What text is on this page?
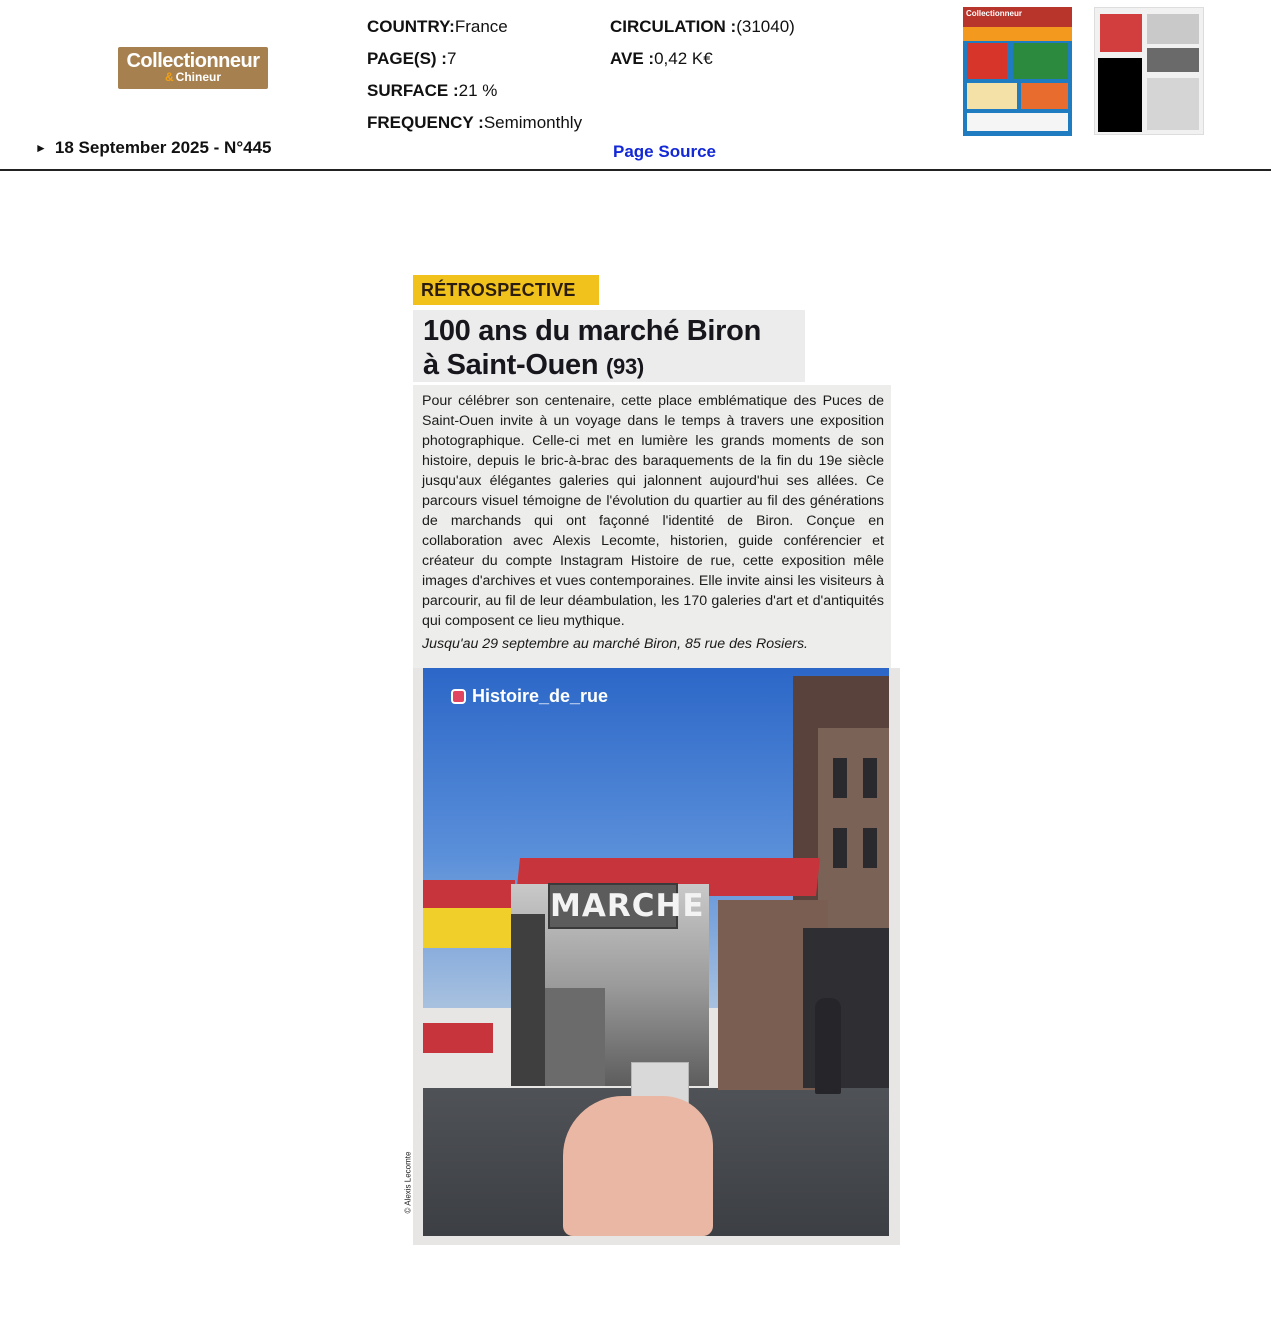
Collectionneur
& Chineur
COUNTRY:France
PAGE(S) :7
SURFACE :21 %
FREQUENCY :Semimonthly
CIRCULATION :(31040)
AVE :0,42 K€
► 18 September 2025 - N°445	Page Source
Collectionneur
RÉTROSPECTIVE
100 ans du marché Biron
à Saint-Ouen (93)
Pour célébrer son centenaire, cette place emblématique des Puces de Saint-Ouen invite à un voyage dans le temps à travers une exposition photographique. Celle-ci met en lumière les grands moments de son histoire, depuis le bric-à-brac des baraquements de la fin du 19e siècle jusqu'aux élégantes galeries qui jalonnent aujourd'hui ses allées. Ce parcours visuel témoigne de l'évolution du quartier au fil des générations de marchands qui ont façonné l'identité de Biron. Conçue en collaboration avec Alexis Lecomte, historien, guide conférencier et créateur du compte Instagram Histoire de rue, cette exposition mêle images d'archives et vues contemporaines. Elle invite ainsi les visiteurs à parcourir, au fil de leur déambulation, les 170 galeries d'art et d'antiquités qui composent ce lieu mythique.
Jusqu'au 29 septembre au marché Biron, 85 rue des Rosiers.
MARCHE
Histoire_de_rue
© Alexis Lecomte
